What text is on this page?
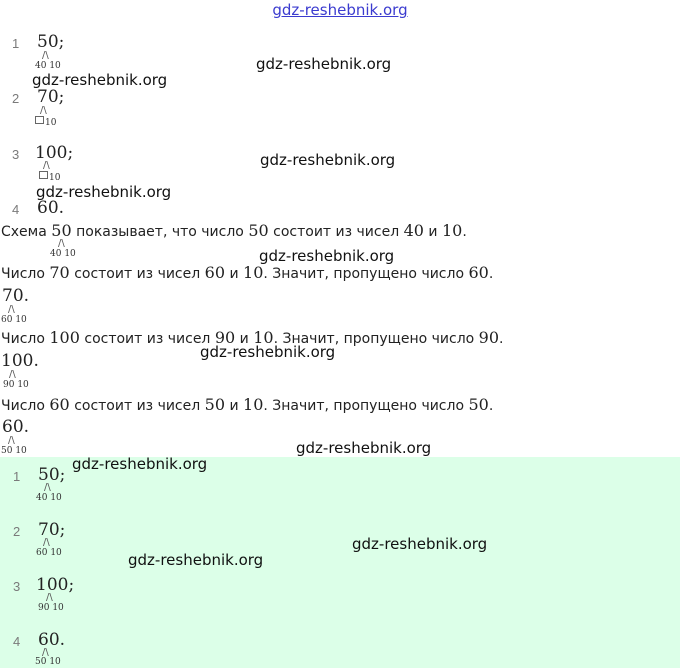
gdz-reshebnik.org
1 50;
/\
40 10
2 70;
/\
10
3 100;
/\
10
4 60.
Схема 50 показывает, что число 50 состоит из чисел 40 и 10.
/\
40 10
Число 70 состоит из чисел 60 и 10. Значит, пропущено число 60.
70.
/\
60 10
Число 100 состоит из чисел 90 и 10. Значит, пропущено число 90.
100.
/\
90 10
Число 60 состоит из чисел 50 и 10. Значит, пропущено число 50.
60.
/\
50 10
1 50;
/\
40 10
2 70;
/\
60 10
3 100;
/\
90 10
4 60.
/\
50 10
gdz-reshebnik.org
gdz-reshebnik.org
gdz-reshebnik.org
gdz-reshebnik.org
gdz-reshebnik.org
gdz-reshebnik.org
gdz-reshebnik.org
gdz-reshebnik.org
gdz-reshebnik.org
gdz-reshebnik.org
